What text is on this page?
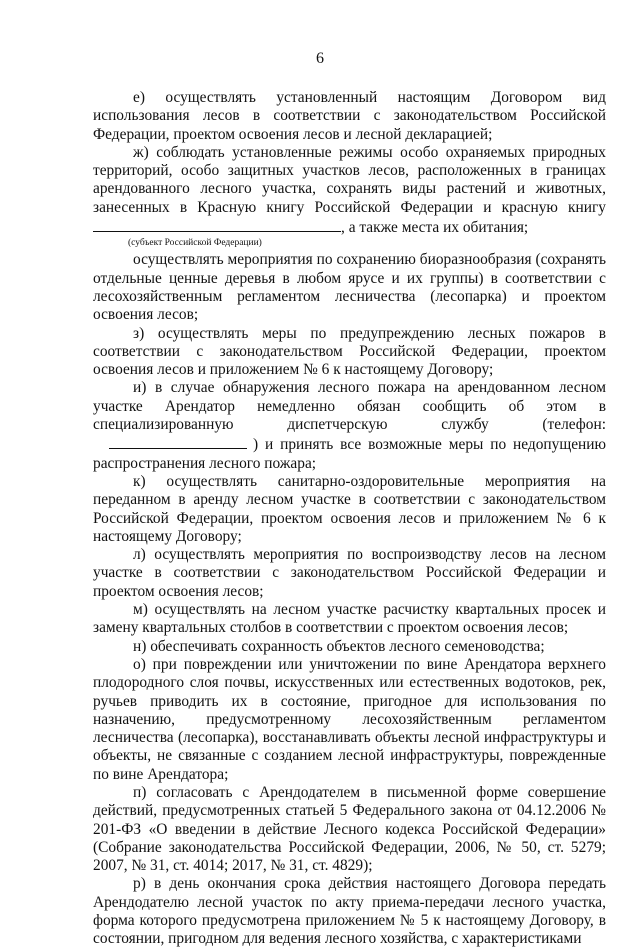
6

е) осуществлять установленный настоящим Договором вид использования лесов в соответствии с законодательством Российской Федерации, проектом освоения лесов и лесной декларацией;

ж) соблюдать установленные режимы особо охраняемых природных территорий, особо защитных участков лесов, расположенных в границах арендованного лесного участка, сохранять виды растений и животных, занесенных в Красную книгу Российской Федерации и красную книгу , а также места их обитания;

(субъект Российской Федерации)

осуществлять мероприятия по сохранению биоразнообразия (сохранять отдельные ценные деревья в любом ярусе и их группы) в соответствии с лесохозяйственным регламентом лесничества (лесопарка) и проектом освоения лесов;

з) осуществлять меры по предупреждению лесных пожаров в соответствии с законодательством Российской Федерации, проектом освоения лесов и приложением № 6 к настоящему Договору;

и) в случае обнаружения лесного пожара на арендованном лесном участке Арендатор немедленно обязан сообщить об этом в специализированную диспетчерскую службу (телефон:) и принять все возможные меры по недопущению распространения лесного пожара;

к) осуществлять санитарно-оздоровительные мероприятия на переданном в аренду лесном участке в соответствии с законодательством Российской Федерации, проектом освоения лесов и приложением № 6 к настоящему Договору;

л) осуществлять мероприятия по воспроизводству лесов на лесном участке в соответствии с законодательством Российской Федерации и проектом освоения лесов;

м) осуществлять на лесном участке расчистку квартальных просек и замену квартальных столбов в соответствии с проектом освоения лесов;

н) обеспечивать сохранность объектов лесного семеноводства;

о) при повреждении или уничтожении по вине Арендатора верхнего плодородного слоя почвы, искусственных или естественных водотоков, рек, ручьев приводить их в состояние, пригодное для использования по назначению, предусмотренному лесохозяйственным регламентом лесничества (лесопарка), восстанавливать объекты лесной инфраструктуры и объекты, не связанные с созданием лесной инфраструктуры, поврежденные по вине Арендатора;

п) согласовать с Арендодателем в письменной форме совершение действий, предусмотренных статьей 5 Федерального закона от 04.12.2006 № 201-ФЗ «О введении в действие Лесного кодекса Российской Федерации» (Собрание законодательства Российской Федерации, 2006, № 50, ст. 5279; 2007, № 31, ст. 4014; 2017, № 31, ст. 4829);

р) в день окончания срока действия настоящего Договора передать Арендодателю лесной участок по акту приема-передачи лесного участка, форма которого предусмотрена приложением № 5 к настоящему Договору, в состоянии, пригодном для ведения лесного хозяйства, с характеристиками
